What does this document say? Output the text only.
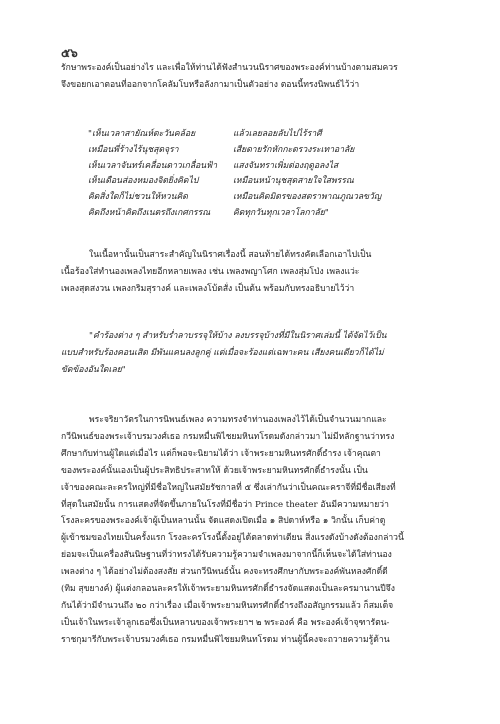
๕๖
รักษาพระองค์เป็นอย่างไร และเพื่อให้ท่านได้ฟังสำนวนนิราศของพระองค์ท่านบ้างตามสมควร
จึงขอยกเอาตอนที่ออกจากโคลัมโบหรือลังกามาเป็นตัวอย่าง ตอนนี้ทรงนิพนธ์ไว้ว่า
"เห็นเวลาสายัณห์ตะวันคล้อย	แล้วเลยลอยลับไปไร้ราศี
เหมือนพี่ร้างไร้นุชสุดจุรา	เสียดายรักหักกะตรวงระเทาอาลัย
เห็นเวลาจันทร์เคลื่อนดาวเกลื่อนฟ้า	แสงจันทราเพิ่มต่องฤดูอลงไส
เห็นเดือนส่องหมองจิตยิ่งคิดไป	เหมือนหน้านุชสุดสายใจใสพรรณ
คิดสิ่งใดก็ไม่ชวนให้หวนคิด	เหมือนคิดมิตรของสตราพาณภูณวลขวัญ
คิดถึงหน้าคิดถึงเนตรถึงเกศกรรณ	คิดทุกวันทุกเวลาโลกาลัย"
ในเนื้อหานั้นเป็นสาระสำคัญในนิราศเรื่องนี้ สอนท้ายได้ทรงคัดเลือกเอาไปเป็น
เนื้อร้องใส่ทำนองเพลงไทยอีกหลายเพลง เช่น เพลงพญาโศก เพลงสุ่มโป่ง เพลงแว่ะ
เพลงสุดสงวน เพลงกริมสุรางค์ และเพลงโบ้ตสั่ง เป็นต้น พร้อมกับทรงอธิบายไว้ว่า
"คำร้องต่าง ๆ สำหรับร่ำลาบรรจุให้บ้าง ลงบรรจุบ้างที่มีในนิราศเล่มนี้ ได้จัดไว้เป็น
แบบสำหรับร้องคอนเสิต มีพันแคนลงลูกคู่ แต่เมื่อจะร้องแต่เฉพาะคน เสียงคนเดียวก็ได้ไม่
ขัดข้องอันใดเลย"
พระจริยาวัตรในการนิพนธ์เพลง ความทรงจำท่านองเพลงไว้ได้เป็นจำนวนมากและ
กวีนิพนธ์ของพระเจ้าบรมวงศ์เธอ กรมหมื่นพิไชยมหินทโรดมดังกล่าวมา ไม่มีหลักฐานว่าทรง
ศึกษากับท่านผู้ใดแต่เมื่อไร แต่ก็พอจะนิยามได้ว่า เจ้าพระยามหินทรศักดิ์ธำรง เจ้าคุณตา
ของพระองค์นั้นเองเป็นผู้ประสิทธิประสาทให้ ด้วยเจ้าพระยามหินทรศักดิ์ธำรงนั้น เป็น
เจ้าของคณะละครใหญ่ที่มีชื่อใหญ่ในสมัยรัชกาลที่ ๕ ซึ่งเล่ากันว่าเป็นคณะคราจีที่มีชื่อเสียงที่
ที่สุดในสมัยนั้น การแสดงที่จัดขึ้นภายในโรงที่มีชื่อว่า Prince theater อันมีความหมายว่า
โรงละครของพระองค์เจ้าผู้เป็นหลานนั้น จัดแสดงเปิดเมื่อ ๑ สิปดาห์หรือ ๑ วิกนั้น เก็บค่าดู
ผู้เข้าชมของไทยเป็นครั้งแรก โรงละครโรงนี้ตั้งอยู่ได้ตลาดท่าเตียน สิ่งแรงดังบ้างดังต้องกล่าวนี้
ย่อมจะเป็นเครื่องสันนิษฐานที่ว่าทรงได้รับความรู้ความจำเพลงมาจากนี้ก็เห็นจะได้ใส่ท่านอง
เพลงต่าง ๆ ได้อย่างไม่ต้องสงสัย ส่วนกวีนิพนธ์นั้น คงจะทรงศึกษากับพระองค์พันหลงศักดิ์ดี
(ทิม สุขยางค์) ผู้แต่งกลอนละครให้เจ้าพระยามหินทรศักดิ์ธำรงจัดแสดงเป็นละครมานานปีจึง
กันได้ว่ามีจำนวนถึง ๒๐ กว่าเรื่อง เมื่อเจ้าพระยามหินทรศักดิ์ธำรงถึงอสัญกรรมแล้ว ก็สมเด็จ
เป็นเจ้าในพระเจ้าลูกเธอซึ่งเป็นหลานของเจ้าพระยาฯ ๒ พระองค์ คือ พระองค์เจ้าจุฑารัตน-
ราชกุมารีกับพระเจ้าบรมวงศ์เธอ กรมหมื่นพิไชยมหินทโรดม ท่านผู้นี้คงจะถวายความรู้ด้าน
